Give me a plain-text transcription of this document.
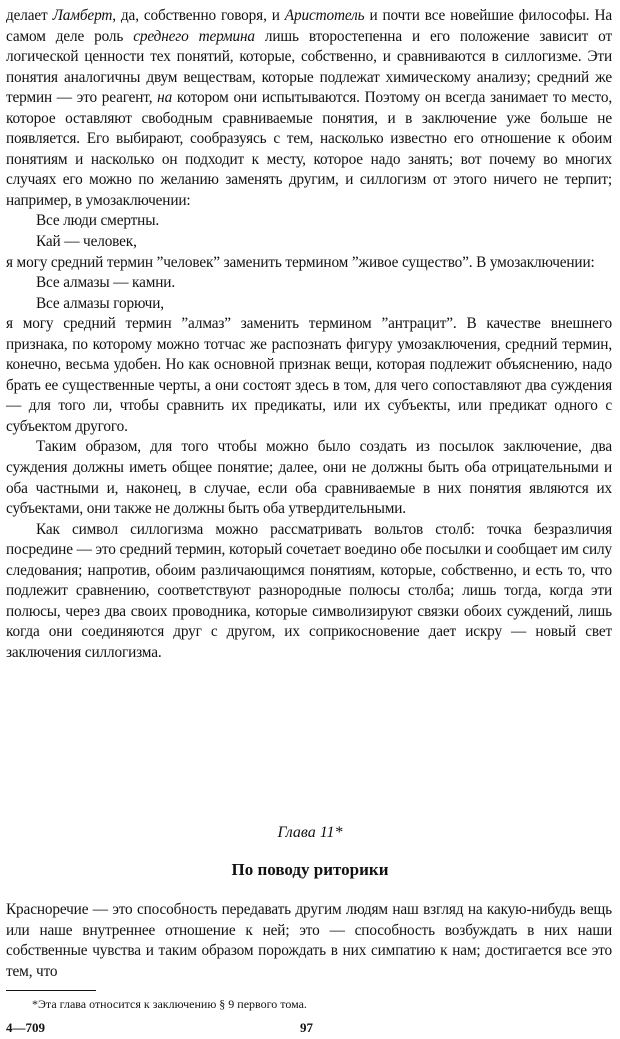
делает Ламберт, да, собственно говоря, и Аристотель и почти все новейшие философы. На самом деле роль среднего термина лишь второстепенна и его положение зависит от логической ценности тех понятий, которые, собственно, и сравниваются в силлогизме. Эти понятия аналогичны двум веществам, которые подлежат химическому анализу; средний же термин — это реагент, на котором они испытываются. Поэтому он всегда занимает то место, которое оставляют свободным сравниваемые понятия, и в заключение уже больше не появляется. Его выбирают, сообразуясь с тем, насколько известно его отношение к обоим понятиям и насколько он подходит к месту, которое надо занять; вот почему во многих случаях его можно по желанию заменять другим, и силлогизм от этого ничего не терпит; например, в умозаключении:

Все люди смертны.

Кай — человек,

я могу средний термин ”человек” заменить термином ”живое существо”. В умозаключении:

Все алмазы — камни.

Все алмазы горючи,

я могу средний термин ”алмаз” заменить термином ”антрацит”. В качестве внешнего признака, по которому можно тотчас же распознать фигуру умозаключения, средний термин, конечно, весьма удобен. Но как основной признак вещи, которая подлежит объяснению, надо брать ее существенные черты, а они состоят здесь в том, для чего сопоставляют два суждения — для того ли, чтобы сравнить их предикаты, или их субъекты, или предикат одного с субъектом другого.

Таким образом, для того чтобы можно было создать из посылок заключение, два суждения должны иметь общее понятие; далее, они не должны быть оба отрицательными и оба частными и, наконец, в случае, если оба сравниваемые в них понятия являются их субъектами, они также не должны быть оба утвердительными.

Как символ силлогизма можно рассматривать вольтов столб: точка безразличия посредине — это средний термин, который сочетает воедино обе посылки и сообщает им силу следования; напротив, обоим различающимся понятиям, которые, собственно, и есть то, что подлежит сравнению, соответствуют разнородные полюсы столба; лишь тогда, когда эти полюсы, через два своих проводника, которые символизируют связки обоих суждений, лишь когда они соединяются друг с другом, их соприкосновение дает искру — новый свет заключения силлогизма.

Глава 11*
По поводу риторики
Красноречие — это способность передавать другим людям наш взгляд на какую-нибудь вещь или наше внутреннее отношение к ней; это — способность возбуждать в них наши собственные чувства и таким образом порождать в них симпатию к нам; достигается все это тем, что
*Эта глава относится к заключению § 9 первого тома.
4—709	97
